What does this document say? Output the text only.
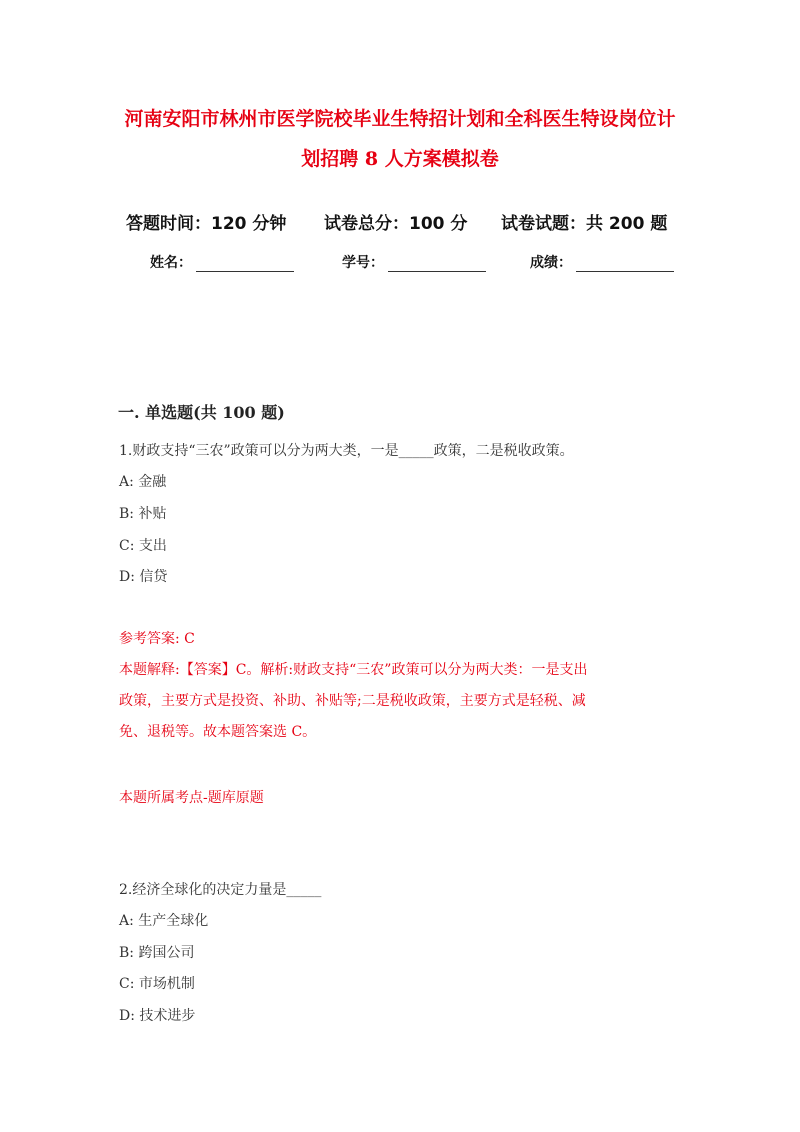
河南安阳市林州市医学院校毕业生特招计划和全科医生特设岗位计
划招聘 8 人方案模拟卷
答题时间：120 分钟	试卷总分：100 分	试卷试题：共 200 题
姓名：	学号：	成绩：
一. 单选题(共 100 题)
1.财政支持“三农”政策可以分为两大类，一是_____政策，二是税收政策。
A: 金融
B: 补贴
C: 支出
D: 信贷
参考答案: C
本题解释:【答案】C。解析:财政支持“三农”政策可以分为两大类：一是支出
政策，主要方式是投资、补助、补贴等;二是税收政策，主要方式是轻税、减
免、退税等。故本题答案选 C。
本题所属考点-题库原题
2.经济全球化的决定力量是_____
A: 生产全球化
B: 跨国公司
C: 市场机制
D: 技术进步
